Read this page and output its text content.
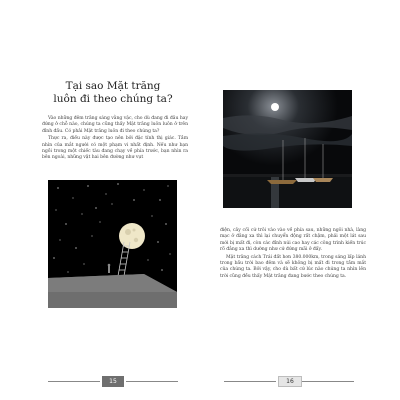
Tại sao Mặt trăng
luôn đi theo chúng ta?

Vào những đêm trăng sáng vằng vặc, cho dù đang đi đâu hay đứng ở chỗ nào, chúng ta cũng thấy Mặt trăng luôn luôn ở trên đỉnh đầu. Có phải Mặt trăng luôn đi theo chúng ta?

Thực ra, điều này được tạo nên bởi đặc tính thị giác. Tầm nhìn của mắt người có một phạm vi nhất định. Nếu như bạn ngồi trong một chiếc tàu đang chạy về phía trước, bạn nhìn ra bên ngoài, những vật hai bên đường như vụt

15

điện, cây cối cứ trôi vào vào về phía sau, những ngôi nhà, làng mạc ở đằng xa thì lại chuyển động rất chậm, phải một lát sau mới bị mất đi, còn các đỉnh núi cao hay các công trình kiến trúc rõ đằng xa thì dường như cứ đứng mãi ở đấy.

Mặt trăng cách Trái đất hơn 380.000km, trong sáng lấp lánh trong bầu trời bao đêm và sẽ không bị mất đi trong tầm mắt của chúng ta. Bởi vậy, cho dù bất cứ lúc nào chúng ta nhìn lên trời cũng đều thấy Mặt trăng đang bước theo chúng ta.

16
